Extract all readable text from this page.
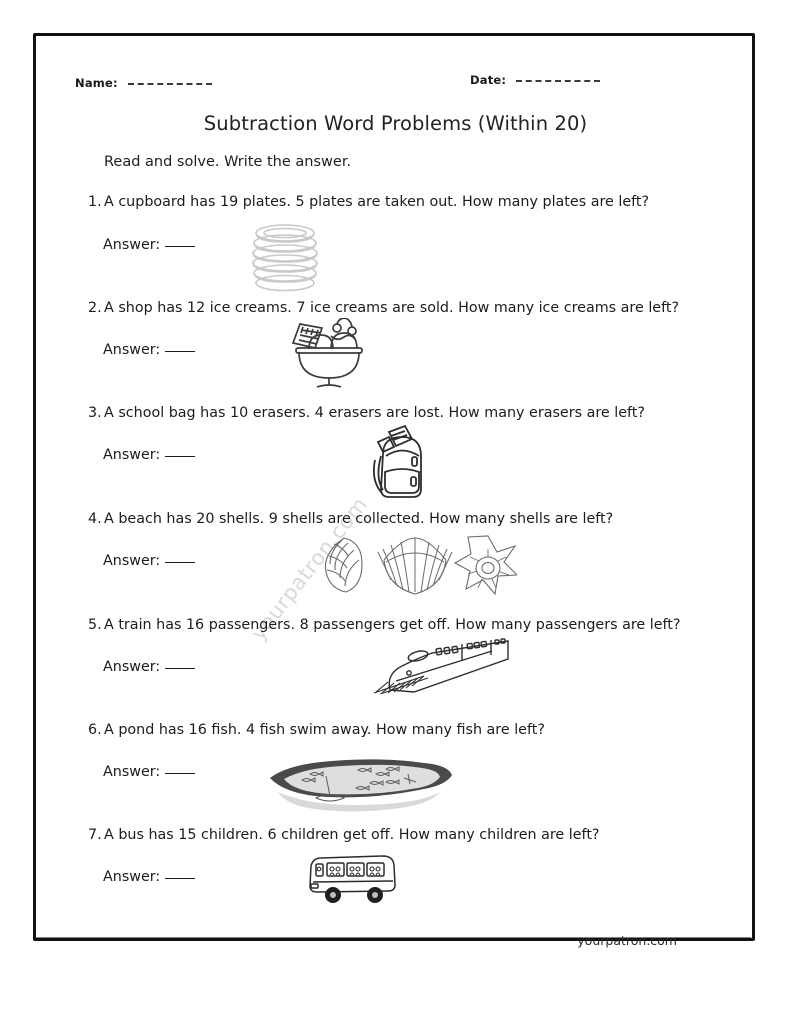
Name:	Date:
Subtraction Word Problems (Within 20)
Read and solve. Write the answer.
yourpatron.com
1. A cupboard has 19 plates. 5 plates are taken out. How many plates are left?
Answer:
2. A shop has 12 ice creams. 7 ice creams are sold. How many ice creams are left?
Answer:
3. A school bag has 10 erasers. 4 erasers are lost. How many erasers are left?
Answer:
4. A beach has 20 shells. 9 shells are collected. How many shells are left?
Answer:
5. A train has 16 passengers. 8 passengers get off. How many passengers are left?
Answer:
6. A pond has 16 fish. 4 fish swim away. How many fish are left?
Answer:
7. A bus has 15 children. 6 children get off. How many children are left?
Answer:
yourpatron.com
